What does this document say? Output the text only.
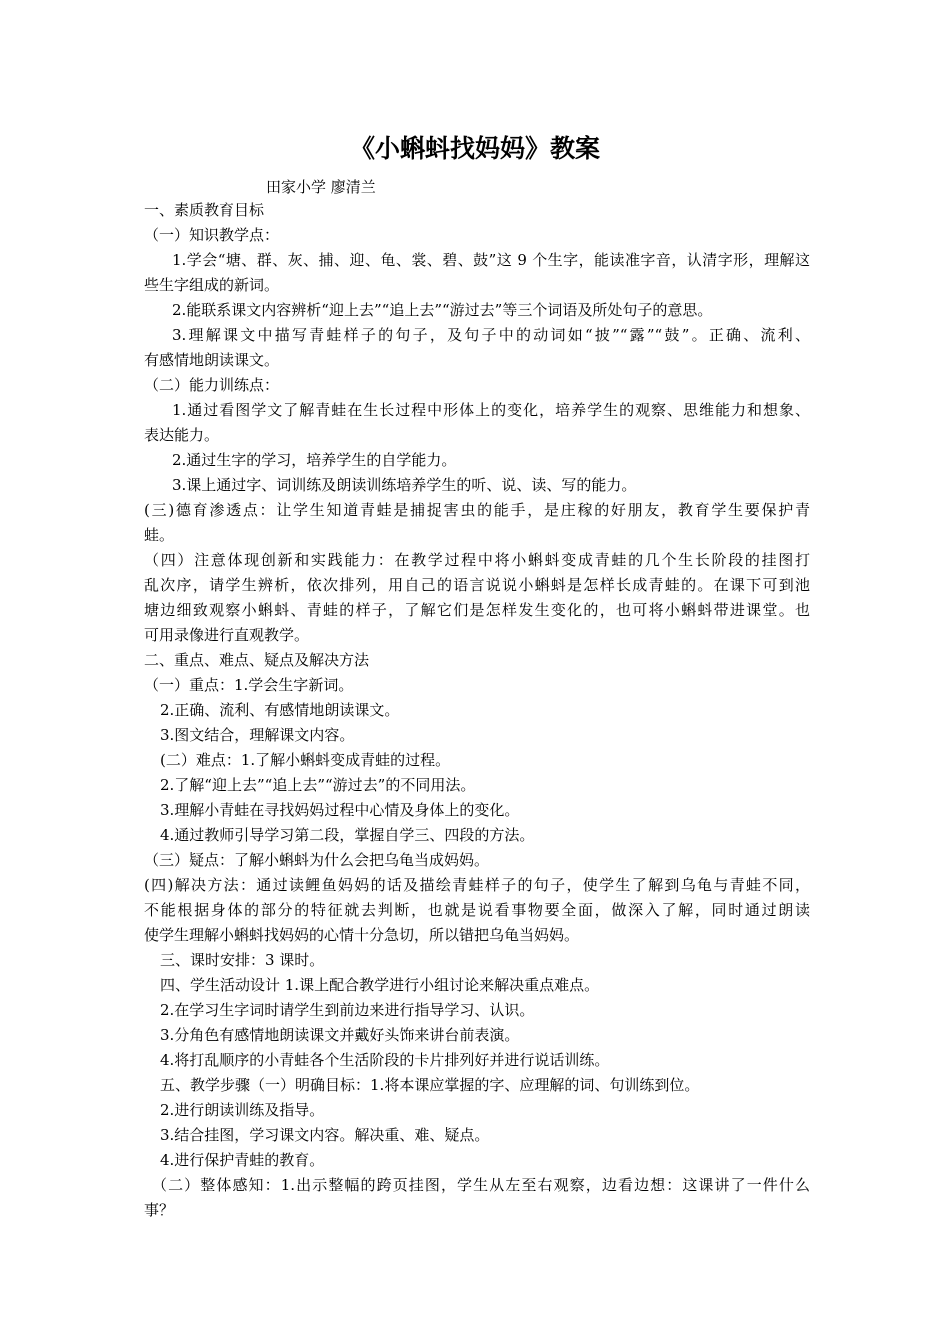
《小蝌蚪找妈妈》教案
田家小学 廖清兰

一、素质教育目标

（一）知识教学点：

1.学会“塘、群、灰、捕、迎、龟、裳、碧、鼓”这 9 个生字，能读准字音，认清字形，理解这

些生字组成的新词。

2.能联系课文内容辨析“迎上去”“追上去”“游过去”等三个词语及所处句子的意思。

3.理解课文中描写青蛙样子的句子，及句子中的动词如“披”“露”“鼓”。正确、流利、

有感情地朗读课文。

（二）能力训练点：

1.通过看图学文了解青蛙在生长过程中形体上的变化，培养学生的观察、思维能力和想象、

表达能力。

2.通过生字的学习，培养学生的自学能力。

3.课上通过字、词训练及朗读训练培养学生的听、说、读、写的能力。

(三)德育渗透点：让学生知道青蛙是捕捉害虫的能手，是庄稼的好朋友，教育学生要保护青

蛙。

（四）注意体现创新和实践能力：在教学过程中将小蝌蚪变成青蛙的几个生长阶段的挂图打

乱次序，请学生辨析，依次排列，用自己的语言说说小蝌蚪是怎样长成青蛙的。在课下可到池

塘边细致观察小蝌蚪、青蛙的样子，了解它们是怎样发生变化的，也可将小蝌蚪带进课堂。也

可用录像进行直观教学。

二、重点、难点、疑点及解决方法

（一）重点：1.学会生字新词。

2.正确、流利、有感情地朗读课文。

3.图文结合，理解课文内容。

(二）难点：1.了解小蝌蚪变成青蛙的过程。

2.了解“迎上去”“追上去”“游过去”的不同用法。

3.理解小青蛙在寻找妈妈过程中心情及身体上的变化。

4.通过教师引导学习第二段，掌握自学三、四段的方法。

（三）疑点：了解小蝌蚪为什么会把乌龟当成妈妈。

(四)解决方法：通过读鲤鱼妈妈的话及描绘青蛙样子的句子，使学生了解到乌龟与青蛙不同，

不能根据身体的部分的特征就去判断，也就是说看事物要全面，做深入了解，同时通过朗读

使学生理解小蝌蚪找妈妈的心情十分急切，所以错把乌龟当妈妈。

三、课时安排：3 课时。

四、学生活动设计 1.课上配合教学进行小组讨论来解决重点难点。

2.在学习生字词时请学生到前边来进行指导学习、认识。

3.分角色有感情地朗读课文并戴好头饰来讲台前表演。

4.将打乱顺序的小青蛙各个生活阶段的卡片排列好并进行说话训练。

五、教学步骤（一）明确目标：1.将本课应掌握的字、应理解的词、句训练到位。

2.进行朗读训练及指导。

3.结合挂图，学习课文内容。解决重、难、疑点。

4.进行保护青蛙的教育。

（二）整体感知：1.出示整幅的跨页挂图，学生从左至右观察，边看边想：这课讲了一件什么

事？
